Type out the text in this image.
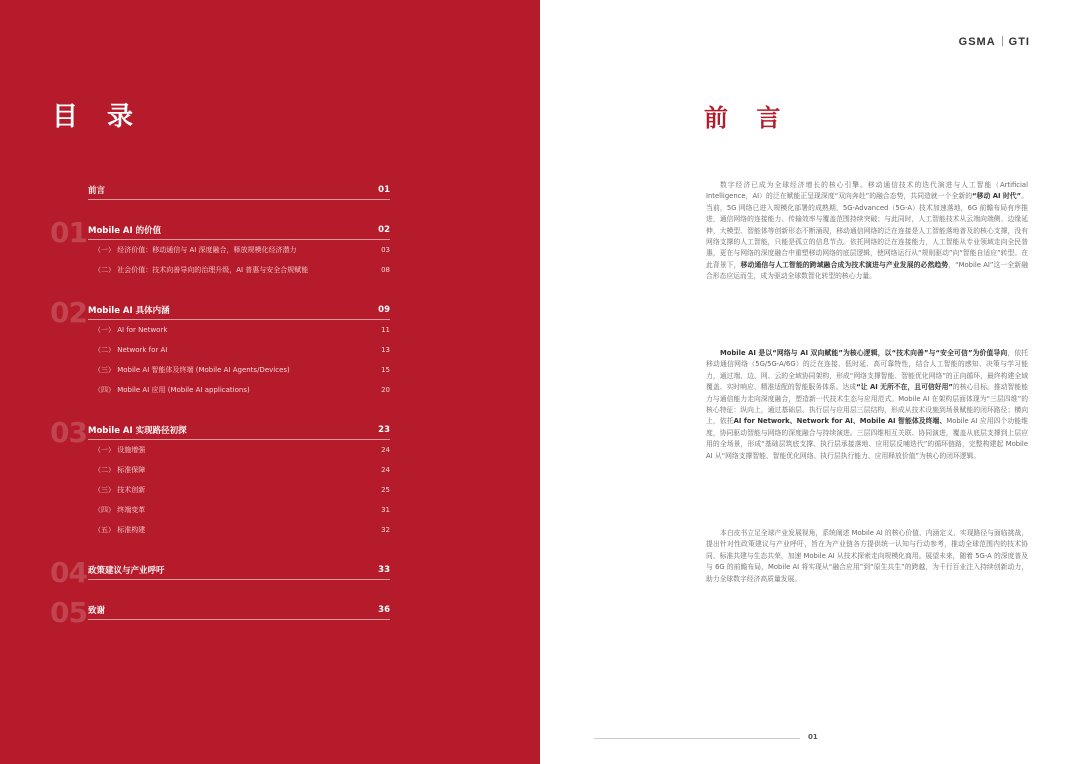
目 录
前言	01
01 Mobile AI 的价值	02
（一） 经济价值：移动通信与 AI 深度融合，释放规模化经济潜力	03
（二） 社会价值：技术向善导向的治理升级，AI 普惠与安全合规赋能	08
02 Mobile AI 具体内涵	09
（一） AI for Network	11
（二） Network for AI	13
（三） Mobile AI 智能体及终端 (Mobile AI Agents/Devices)	15
（四） Mobile AI 应用 (Mobile AI applications)	20
03 Mobile AI 实现路径初探	23
（一） 设施增强	24
（二） 标准保障	24
（三） 技术创新	25
（四） 终端变革	31
（五） 标准构建	32
04 政策建议与产业呼吁	33
05 致谢	36
GSMA GTI
前 言

数字经济已成为全球经济增长的核心引擎。移动通信技术的迭代演进与人工智能（Artificial Intelligence，AI）的泛在赋能正呈现深度“双向奔赴”的融合态势，共同造就一个全新的“移动 AI 时代”。当前，5G 网络已进入规模化部署的成熟期，5G-Advanced（5G-A）技术加速落地，6G 前瞻布局有序推进，通信网络的连接能力、传输效率与覆盖范围持续突破；与此同时，人工智能技术从云端向端侧、边缘延伸，大模型、智能体等创新形态不断涌现，移动通信网络的泛在连接是人工智能落地普及的核心支撑，没有网络支撑的人工智能，只能是孤立的信息节点。依托网络的泛在连接能力，人工智能从专业领域走向全民普惠，更在与网络的深度融合中重塑移动网络的底层逻辑，使网络运行从“规则驱动”向“智能自适应”转型。在此背景下，移动通信与人工智能的跨域融合成为技术演进与产业发展的必然趋势，“Mobile AI”这一全新融合形态应运而生，成为驱动全球数智化转型的核心力量。

Mobile AI 是以“网络与 AI 双向赋能”为核心逻辑，以“技术向善”与“安全可信”为价值导向，依托移动通信网络（5G/5G-A/6G）的泛在连接、低时延、高可靠特性，结合人工智能的感知、决策与学习能力，通过端、边、网、云的全域协同架构，形成“网络支撑智能、智能优化网络”的正向循环，最终构建全域覆盖、实时响应、精准适配的智能服务体系。达成“让 AI 无所不在，且可信好用”的核心目标。推动智能能力与通信能力走向深度融合，塑造新一代技术生态与应用范式。Mobile AI 在架构层面体现为“三层四维”的核心特征：纵向上，通过基础层、执行层与应用层三层结构，形成从技术设施到场景赋能的闭环路径；横向上，依托AI for Network、Network for AI、Mobile AI 智能体及终端、Mobile AI 应用四个功能维度，协同驱动智能与网络的深度融合与持续演进。三层四维相互关联、协同演进，覆盖从底层支撑到上层应用的全场景，形成“基础层筑底支撑、执行层承接落地、应用层反哺迭代”的循环链路，完整构建起 Mobile AI 从“网络支撑智能、智能优化网络、执行层执行能力、应用释放价值”为核心的闭环逻辑。

本白皮书立足全球产业发展视角，系统阐述 Mobile AI 的核心价值、内涵定义、实现路径与面临挑战，提出针对性政策建议与产业呼吁，旨在为产业链各方提供统一认知与行动参考，推动全球范围内的技术协同、标准共建与生态共荣，加速 Mobile AI 从技术探索走向规模化商用。展望未来，随着 5G-A 的深度普及与 6G 的前瞻布局，Mobile AI 将实现从“融合应用”到“原生共生”的跨越，为千行百业注入持续创新动力，助力全球数字经济高质量发展。

01
